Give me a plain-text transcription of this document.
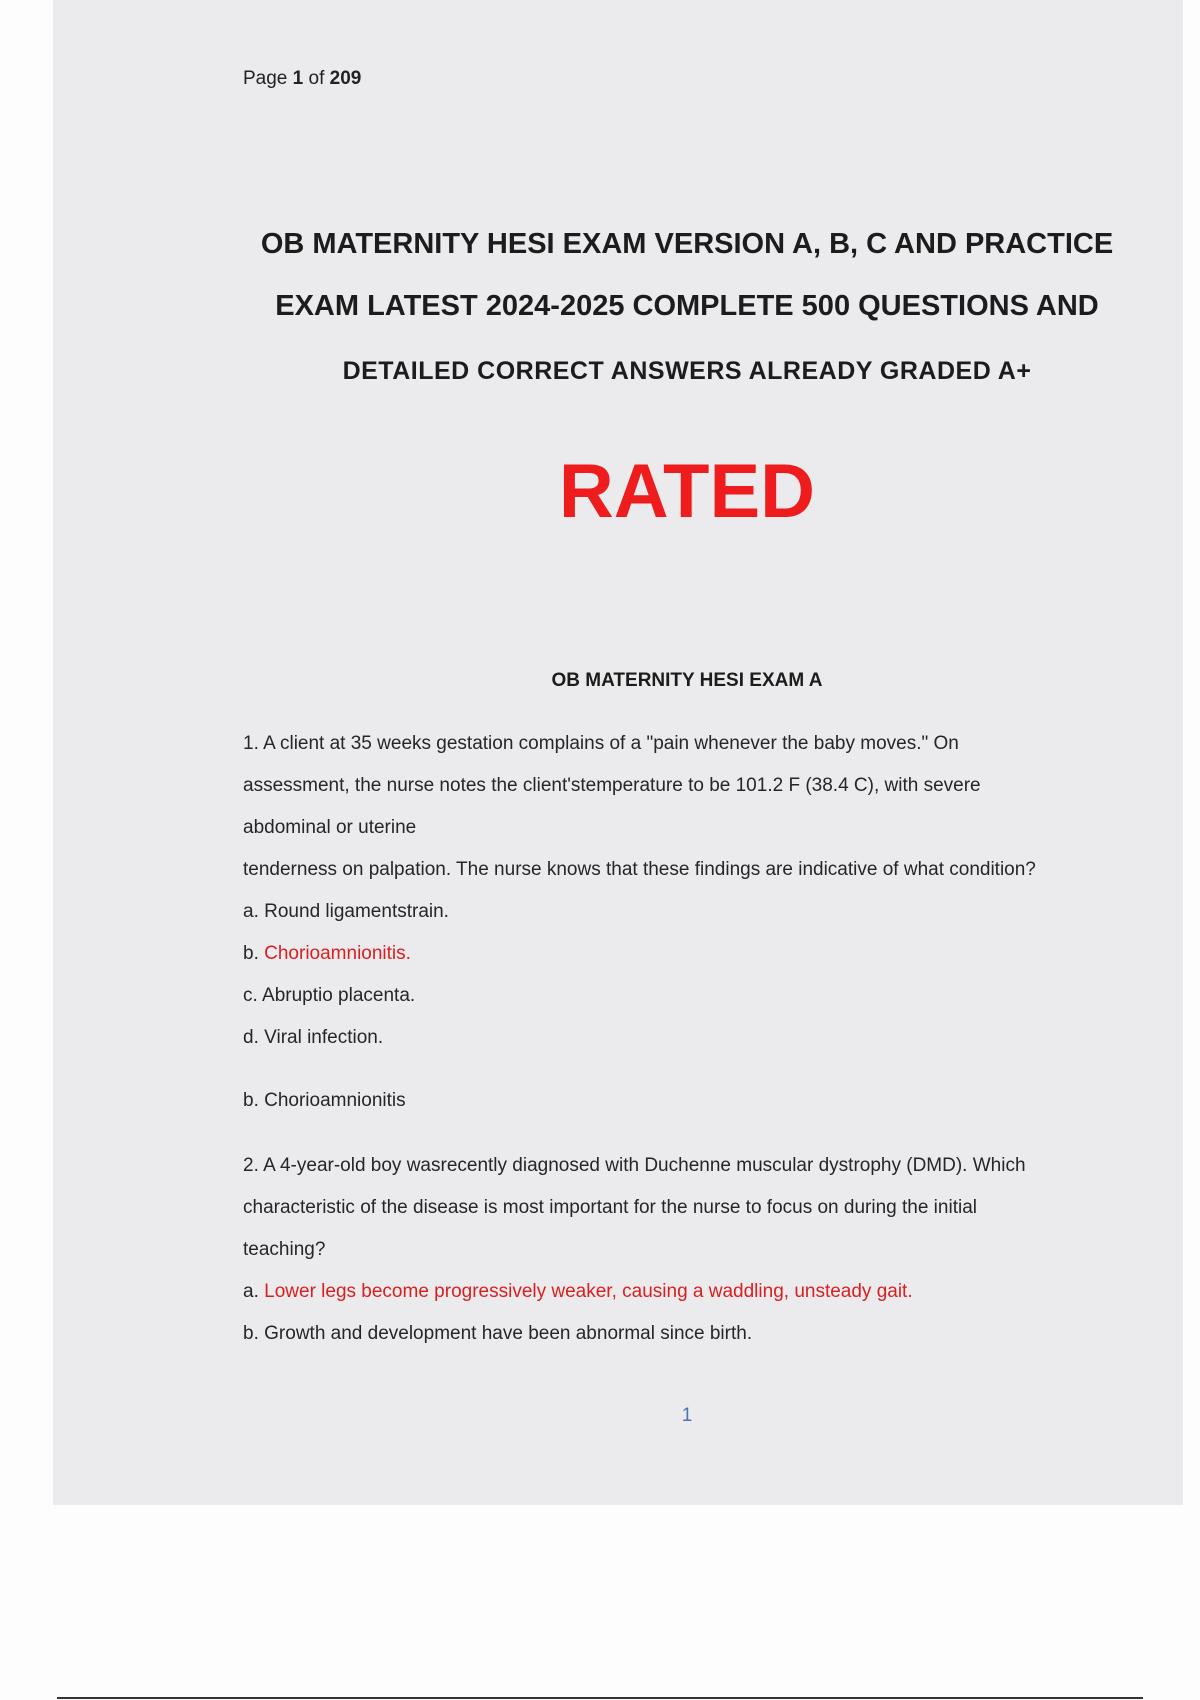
Page 1 of 209
OB MATERNITY HESI EXAM VERSION A, B, C AND PRACTICE
EXAM LATEST 2024-2025 COMPLETE 500 QUESTIONS AND
DETAILED CORRECT ANSWERS ALREADY GRADED A+
RATED
OB MATERNITY HESI EXAM A
1. A client at 35 weeks gestation complains of a "pain whenever the baby moves." On
assessment, the nurse notes the client'stemperature to be 101.2 F (38.4 C), with severe
abdominal or uterine
tenderness on palpation. The nurse knows that these findings are indicative of what condition?
a. Round ligamentstrain.
b. Chorioamnionitis.
c. Abruptio placenta.
d. Viral infection.
b. Chorioamnionitis
2. A 4-year-old boy wasrecently diagnosed with Duchenne muscular dystrophy (DMD). Which
characteristic of the disease is most important for the nurse to focus on during the initial
teaching?
a. Lower legs become progressively weaker, causing a waddling, unsteady gait.
b. Growth and development have been abnormal since birth.
1
